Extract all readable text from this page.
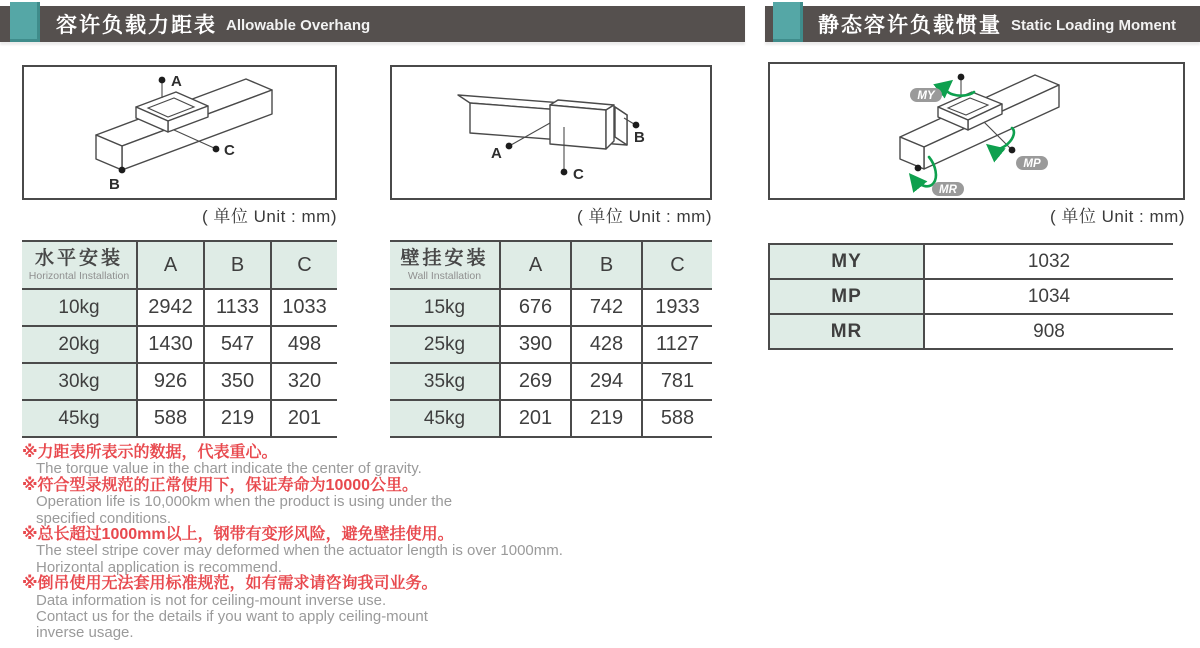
容许负载力距表 Allowable Overhang	静态容许负载惯量 Static Loading Moment
A
C
B
( 单位 Unit : mm)
A
C
B
( 单位 Unit : mm)
MY
MP
MR
( 单位 Unit : mm)
水平安装
Horizontal Installation	A	B	C
10kg	2942	1133	1033
20kg	1430	547	498
30kg	926	350	320
45kg	588	219	201
壁挂安装
Wall Installation	A	B	C
15kg	676	742	1933
25kg	390	428	1127
35kg	269	294	781
45kg	201	219	588
MY	1032
MP	1034
MR	908
※力距表所表示的数据，代表重心。
The torque value in the chart indicate the center of gravity.
※符合型录规范的正常使用下，保证寿命为10000公里。
Operation life is 10,000km when the product is using under the
specified conditions.
※总长超过1000mm以上，钢带有变形风险，避免壁挂使用。
The steel stripe cover may deformed when the actuator length is over 1000mm.
Horizontal application is recommend.
※倒吊使用无法套用标准规范，如有需求请咨询我司业务。
Data information is not for ceiling-mount inverse use.
Contact us for the details if you want to apply ceiling-mount
inverse usage.
